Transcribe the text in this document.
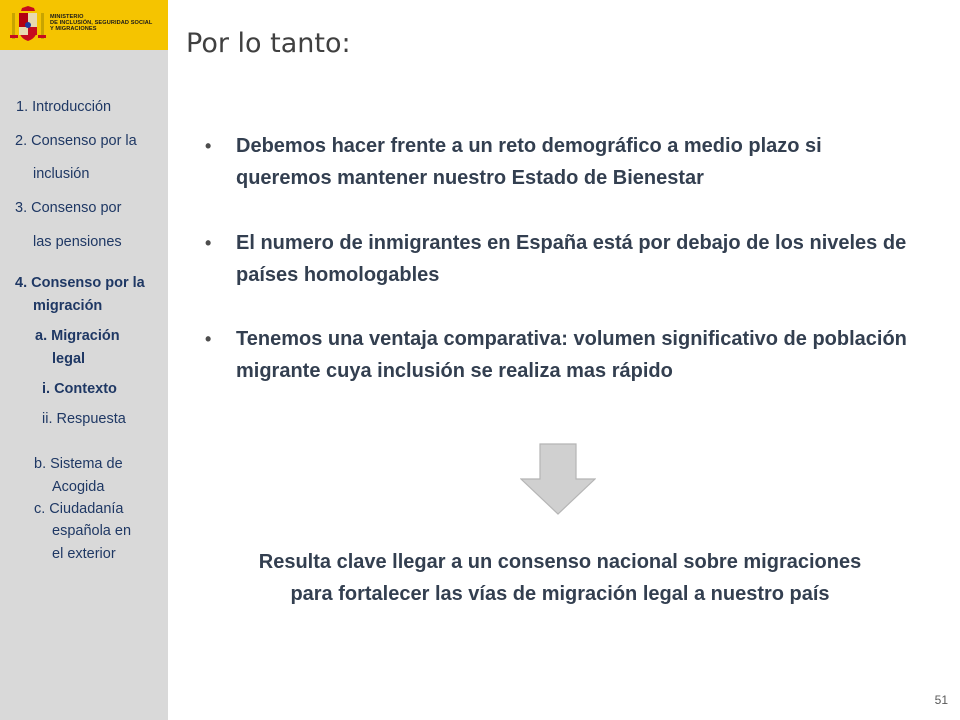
MINISTERIO
DE INCLUSIÓN, SEGURIDAD SOCIAL
Y MIGRACIONES
1. Introducción
2. Consenso por la
inclusión
3. Consenso por
las pensiones
4. Consenso por la
migración
a. Migración
legal
i. Contexto
ii. Respuesta
b. Sistema de
Acogida
c. Ciudadanía
española en
el exterior
Por lo tanto:
•	Debemos hacer frente a un reto demográfico a medio plazo si queremos mantener nuestro Estado de Bienestar
•	El numero de inmigrantes en España está por debajo de los niveles de países homologables
•	Tenemos una ventaja comparativa: volumen significativo de población migrante cuya inclusión se realiza mas rápido
Resulta clave llegar a un consenso nacional sobre migraciones
para fortalecer las vías de migración legal a nuestro país
51
